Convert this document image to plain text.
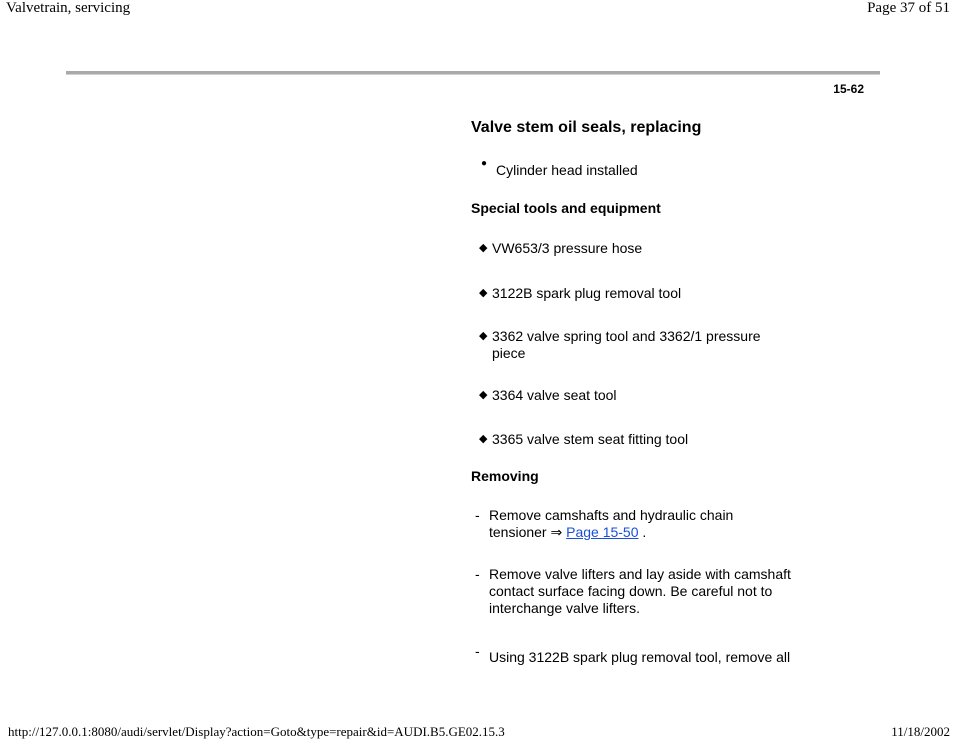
Valvetrain, servicing	Page 37 of 51
15-62
Valve stem oil seals, replacing
● Cylinder head installed
Special tools and equipment
◆ VW653/3 pressure hose
◆ 3122B spark plug removal tool
◆ 3362 valve spring tool and 3362/1 pressure
piece
◆ 3364 valve seat tool
◆ 3365 valve stem seat fitting tool
Removing
- Remove camshafts and hydraulic chain
tensioner ⇒ Page 15-50 .
- Remove valve lifters and lay aside with camshaft
contact surface facing down. Be careful not to
interchange valve lifters.
- Using 3122B spark plug removal tool, remove all
http://127.0.0.1:8080/audi/servlet/Display?action=Goto&type=repair&id=AUDI.B5.GE02.15.3	11/18/2002
